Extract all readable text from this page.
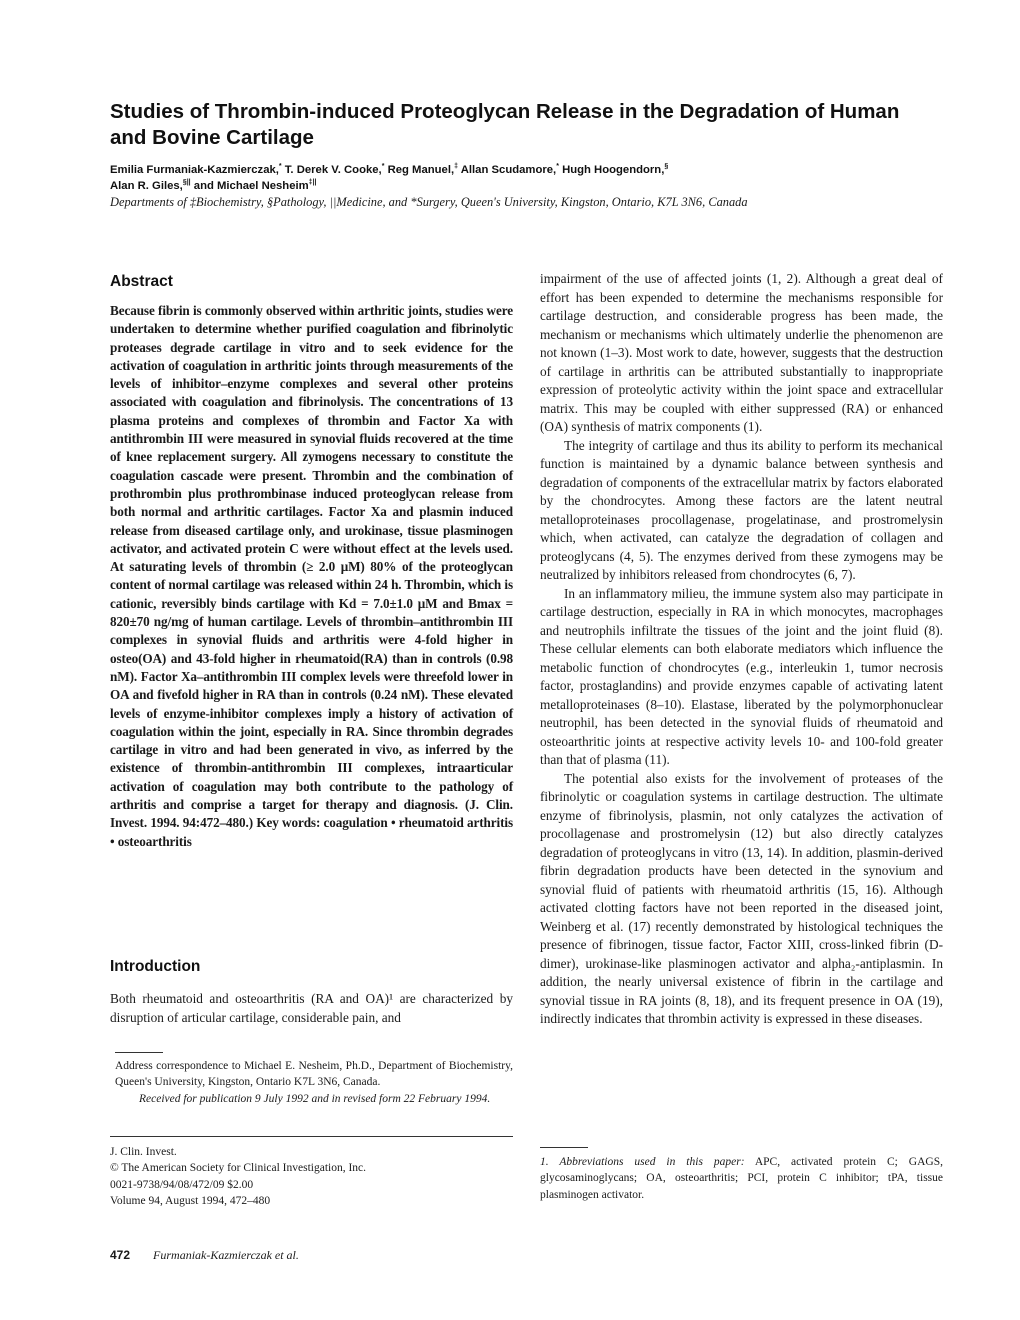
Studies of Thrombin-induced Proteoglycan Release in the Degradation of Human and Bovine Cartilage
Emilia Furmaniak-Kazmierczak,* T. Derek V. Cooke,* Reg Manuel,‡ Allan Scudamore,* Hugh Hoogendorn,§
Alan R. Giles,§|| and Michael Nesheim‡||
Departments of ‡Biochemistry, §Pathology, ||Medicine, and *Surgery, Queen's University, Kingston, Ontario, K7L 3N6, Canada
Abstract

Because fibrin is commonly observed within arthritic joints, studies were undertaken to determine whether purified coagulation and fibrinolytic proteases degrade cartilage in vitro and to seek evidence for the activation of coagulation in arthritic joints through measurements of the levels of inhibitor–enzyme complexes and several other proteins associated with coagulation and fibrinolysis. The concentrations of 13 plasma proteins and complexes of thrombin and Factor Xa with antithrombin III were measured in synovial fluids recovered at the time of knee replacement surgery. All zymogens necessary to constitute the coagulation cascade were present. Thrombin and the combination of prothrombin plus prothrombinase induced proteoglycan release from both normal and arthritic cartilages. Factor Xa and plasmin induced release from diseased cartilage only, and urokinase, tissue plasminogen activator, and activated protein C were without effect at the levels used. At saturating levels of thrombin (≥ 2.0 μM) 80% of the proteoglycan content of normal cartilage was released within 24 h. Thrombin, which is cationic, reversibly binds cartilage with Kd = 7.0±1.0 μM and Bmax = 820±70 ng/mg of human cartilage. Levels of thrombin–antithrombin III complexes in synovial fluids and arthritis were 4-fold higher in osteo(OA) and 43-fold higher in rheumatoid(RA) than in controls (0.98 nM). Factor Xa–antithrombin III complex levels were threefold lower in OA and fivefold higher in RA than in controls (0.24 nM). These elevated levels of enzyme-inhibitor complexes imply a history of activation of coagulation within the joint, especially in RA. Since thrombin degrades cartilage in vitro and had been generated in vivo, as inferred by the existence of thrombin-antithrombin III complexes, intraarticular activation of coagulation may both contribute to the pathology of arthritis and comprise a target for therapy and diagnosis. (J. Clin. Invest. 1994. 94:472–480.) Key words: coagulation • rheumatoid arthritis • osteoarthritis

Introduction

Both rheumatoid and osteoarthritis (RA and OA)¹ are characterized by disruption of articular cartilage, considerable pain, and

impairment of the use of affected joints (1, 2). Although a great deal of effort has been expended to determine the mechanisms responsible for cartilage destruction, and considerable progress has been made, the mechanism or mechanisms which ultimately underlie the phenomenon are not known (1–3). Most work to date, however, suggests that the destruction of cartilage in arthritis can be attributed substantially to inappropriate expression of proteolytic activity within the joint space and extracellular matrix. This may be coupled with either suppressed (RA) or enhanced (OA) synthesis of matrix components (1).

The integrity of cartilage and thus its ability to perform its mechanical function is maintained by a dynamic balance between synthesis and degradation of components of the extracellular matrix by factors elaborated by the chondrocytes. Among these factors are the latent neutral metalloproteinases procollagenase, progelatinase, and prostromelysin which, when activated, can catalyze the degradation of collagen and proteoglycans (4, 5). The enzymes derived from these zymogens may be neutralized by inhibitors released from chondrocytes (6, 7).

In an inflammatory milieu, the immune system also may participate in cartilage destruction, especially in RA in which monocytes, macrophages and neutrophils infiltrate the tissues of the joint and the joint fluid (8). These cellular elements can both elaborate mediators which influence the metabolic function of chondrocytes (e.g., interleukin 1, tumor necrosis factor, prostaglandins) and provide enzymes capable of activating latent metalloproteinases (8–10). Elastase, liberated by the polymorphonuclear neutrophil, has been detected in the synovial fluids of rheumatoid and osteoarthritic joints at respective activity levels 10- and 100-fold greater than that of plasma (11).

The potential also exists for the involvement of proteases of the fibrinolytic or coagulation systems in cartilage destruction. The ultimate enzyme of fibrinolysis, plasmin, not only catalyzes the activation of procollagenase and prostromelysin (12) but also directly catalyzes degradation of proteoglycans in vitro (13, 14). In addition, plasmin-derived fibrin degradation products have been detected in the synovium and synovial fluid of patients with rheumatoid arthritis (15, 16). Although activated clotting factors have not been reported in the diseased joint, Weinberg et al. (17) recently demonstrated by histological techniques the presence of fibrinogen, tissue factor, Factor XIII, cross-linked fibrin (D-dimer), urokinase-like plasminogen activator and alpha₂-antiplasmin. In addition, the nearly universal existence of fibrin in the cartilage and synovial tissue in RA joints (8, 18), and its frequent presence in OA (19), indirectly indicates that thrombin activity is expressed in these diseases.

Address correspondence to Michael E. Nesheim, Ph.D., Department of Biochemistry, Queen's University, Kingston, Ontario K7L 3N6, Canada.
Received for publication 9 July 1992 and in revised form 22 February 1994.
J. Clin. Invest.
© The American Society for Clinical Investigation, Inc.
0021-9738/94/08/472/09 $2.00
Volume 94, August 1994, 472–480
1. Abbreviations used in this paper: APC, activated protein C; GAGS, glycosaminoglycans; OA, osteoarthritis; PCI, protein C inhibitor; tPA, tissue plasminogen activator.
472 Furmaniak-Kazmierczak et al.
